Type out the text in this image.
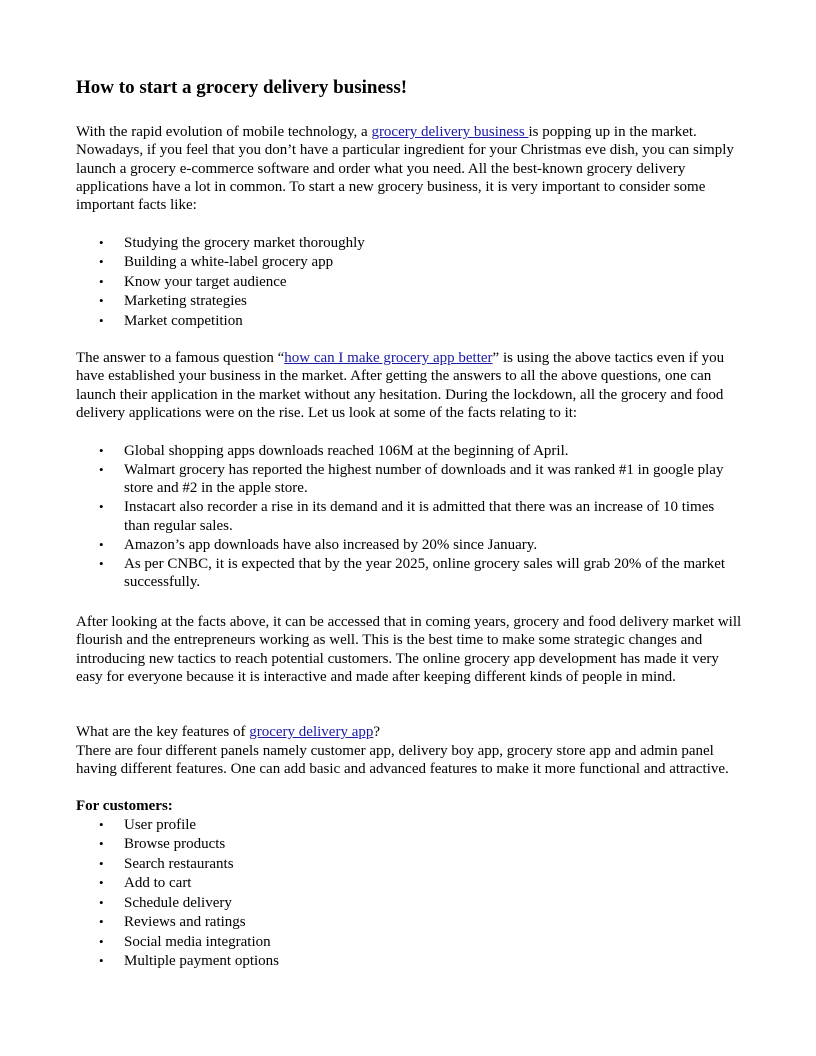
How to start a grocery delivery business!

With the rapid evolution of mobile technology, a grocery delivery business is popping up in the market. Nowadays, if you feel that you don’t have a particular ingredient for your Christmas eve dish, you can simply launch a grocery e-commerce software and order what you need. All the best-known grocery delivery applications have a lot in common. To start a new grocery business, it is very important to consider some important facts like:

• Studying the grocery market thoroughly
• Building a white-label grocery app
• Know your target audience
• Marketing strategies
• Market competition

The answer to a famous question “how can I make grocery app better” is using the above tactics even if you have established your business in the market. After getting the answers to all the above questions, one can launch their application in the market without any hesitation. During the lockdown, all the grocery and food delivery applications were on the rise. Let us look at some of the facts relating to it:

• Global shopping apps downloads reached 106M at the beginning of April.
• Walmart grocery has reported the highest number of downloads and it was ranked #1 in google play store and #2 in the apple store.
• Instacart also recorder a rise in its demand and it is admitted that there was an increase of 10 times than regular sales.
• Amazon’s app downloads have also increased by 20% since January.
• As per CNBC, it is expected that by the year 2025, online grocery sales will grab 20% of the market successfully.

After looking at the facts above, it can be accessed that in coming years, grocery and food delivery market will flourish and the entrepreneurs working as well. This is the best time to make some strategic changes and introducing new tactics to reach potential customers. The online grocery app development has made it very easy for everyone because it is interactive and made after keeping different kinds of people in mind.

What are the key features of grocery delivery app?

There are four different panels namely customer app, delivery boy app, grocery store app and admin panel having different features. One can add basic and advanced features to make it more functional and attractive.

For customers:

• User profile
• Browse products
• Search restaurants
• Add to cart
• Schedule delivery
• Reviews and ratings
• Social media integration
• Multiple payment options
